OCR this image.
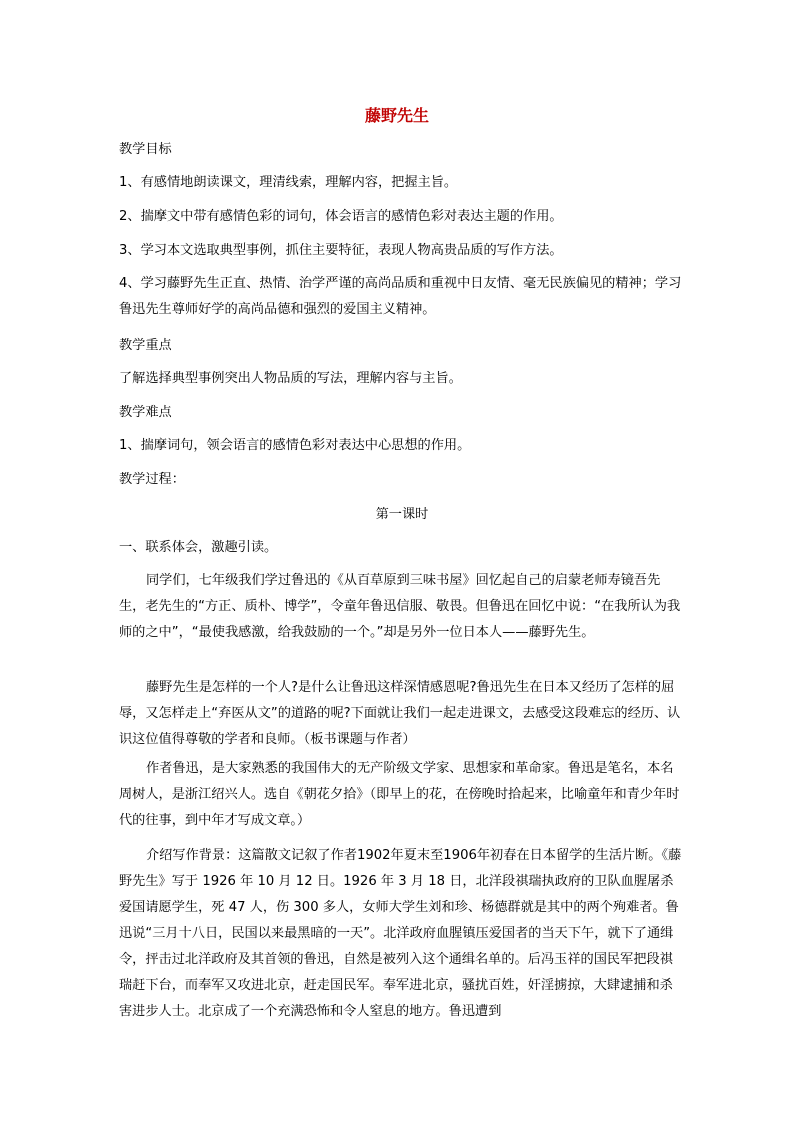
藤野先生

教学目标

1、有感情地朗读课文，理清线索，理解内容，把握主旨。

2、揣摩文中带有感情色彩的词句，体会语言的感情色彩对表达主题的作用。

3、学习本文选取典型事例，抓住主要特征，表现人物高贵品质的写作方法。

4、学习藤野先生正直、热情、治学严谨的高尚品质和重视中日友情、毫无民族偏见的精神；学习鲁迅先生尊师好学的高尚品德和强烈的爱国主义精神。

教学重点

了解选择典型事例突出人物品质的写法，理解内容与主旨。

教学难点

1、揣摩词句，领会语言的感情色彩对表达中心思想的作用。

教学过程：

第一课时

一、联系体会，激趣引读。

同学们，七年级我们学过鲁迅的《从百草原到三味书屋》回忆起自己的启蒙老师寿镜吾先生，老先生的“方正、质朴、博学”，令童年鲁迅信服、敬畏。但鲁迅在回忆中说：“在我所认为我师的之中”，“最使我感激，给我鼓励的一个。”却是另外一位日本人——藤野先生。

藤野先生是怎样的一个人?是什么让鲁迅这样深情感恩呢?鲁迅先生在日本又经历了怎样的屈辱，又怎样走上“弃医从文”的道路的呢?下面就让我们一起走进课文，去感受这段难忘的经历、认识这位值得尊敬的学者和良师。（板书课题与作者）

作者鲁迅，是大家熟悉的我国伟大的无产阶级文学家、思想家和革命家。鲁迅是笔名，本名周树人，是浙江绍兴人。选自《朝花夕拾》（即早上的花，在傍晚时拾起来，比喻童年和青少年时代的往事，到中年才写成文章。）

介绍写作背景：这篇散文记叙了作者1902年夏末至1906年初春在日本留学的生活片断。《藤野先生》写于 1926 年 10 月 12 日。1926 年 3 月 18 日，北洋段祺瑞执政府的卫队血腥屠杀爱国请愿学生，死 47 人，伤 300 多人，女师大学生刘和珍、杨德群就是其中的两个殉难者。鲁迅说“三月十八日，民国以来最黑暗的一天”。北洋政府血腥镇压爱国者的当天下午，就下了通缉令，抨击过北洋政府及其首领的鲁迅，自然是被列入这个通缉名单的。后冯玉祥的国民军把段祺瑞赶下台，而奉军又攻进北京，赶走国民军。奉军进北京，骚扰百姓，奸淫掳掠，大肆逮捕和杀害进步人士。北京成了一个充满恐怖和令人窒息的地方。鲁迅遭到
